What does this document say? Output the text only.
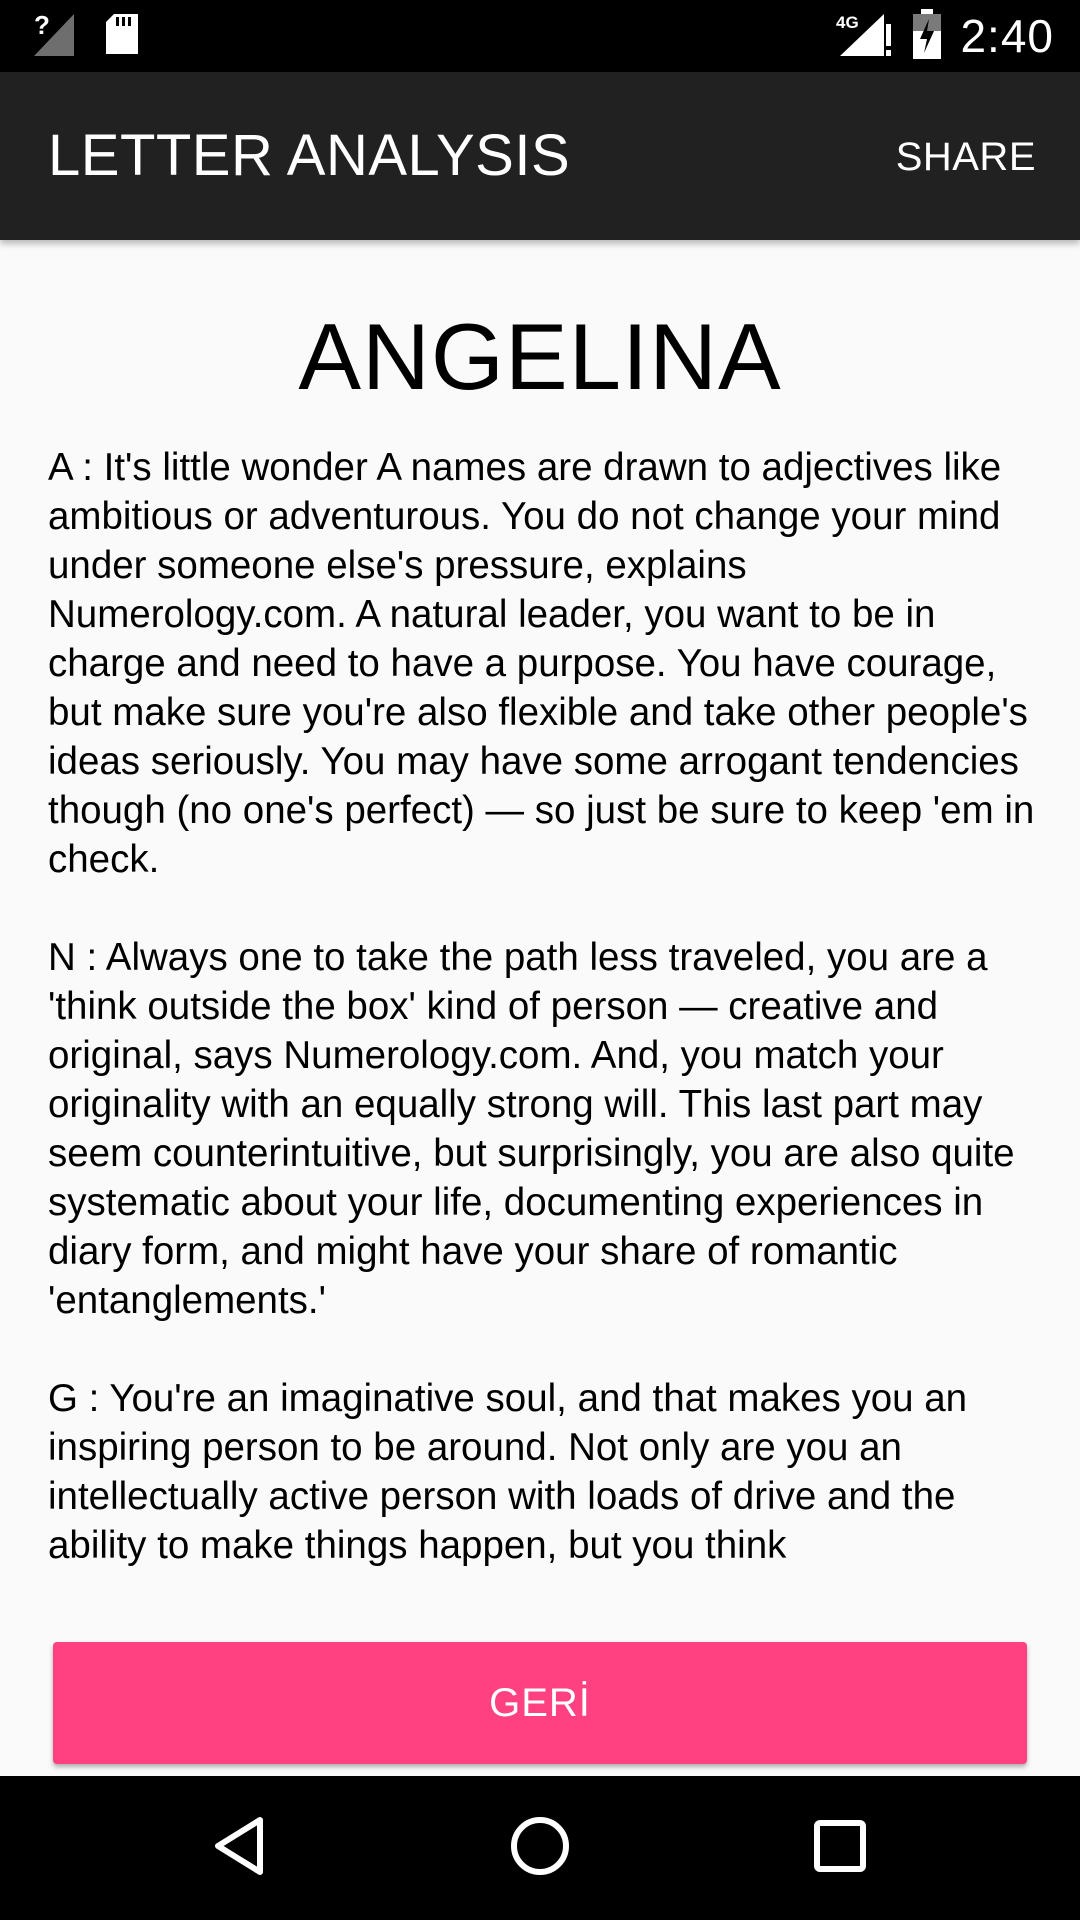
?	4G 2:40
LETTER ANALYSIS	SHARE
ANGELINA

A : It's little wonder A names are drawn to adjectives like ambitious or adventurous. You do not change your mind under someone else's pressure, explains Numerology.com. A natural leader, you want to be in charge and need to have a purpose. You have courage, but make sure you're also flexible and take other people's ideas seriously. You may have some arrogant tendencies though (no one's perfect) — so just be sure to keep 'em in check.

N : Always one to take the path less traveled, you are a 'think outside the box' kind of person — creative and original, says Numerology.com. And, you match your originality with an equally strong will. This last part may seem counterintuitive, but surprisingly, you are also quite systematic about your life, documenting experiences in diary form, and might have your share of romantic 'entanglements.'

G : You're an imaginative soul, and that makes you an inspiring person to be around. Not only are you an intellectually active person with loads of drive and the ability to make things happen, but you think

GERİ
